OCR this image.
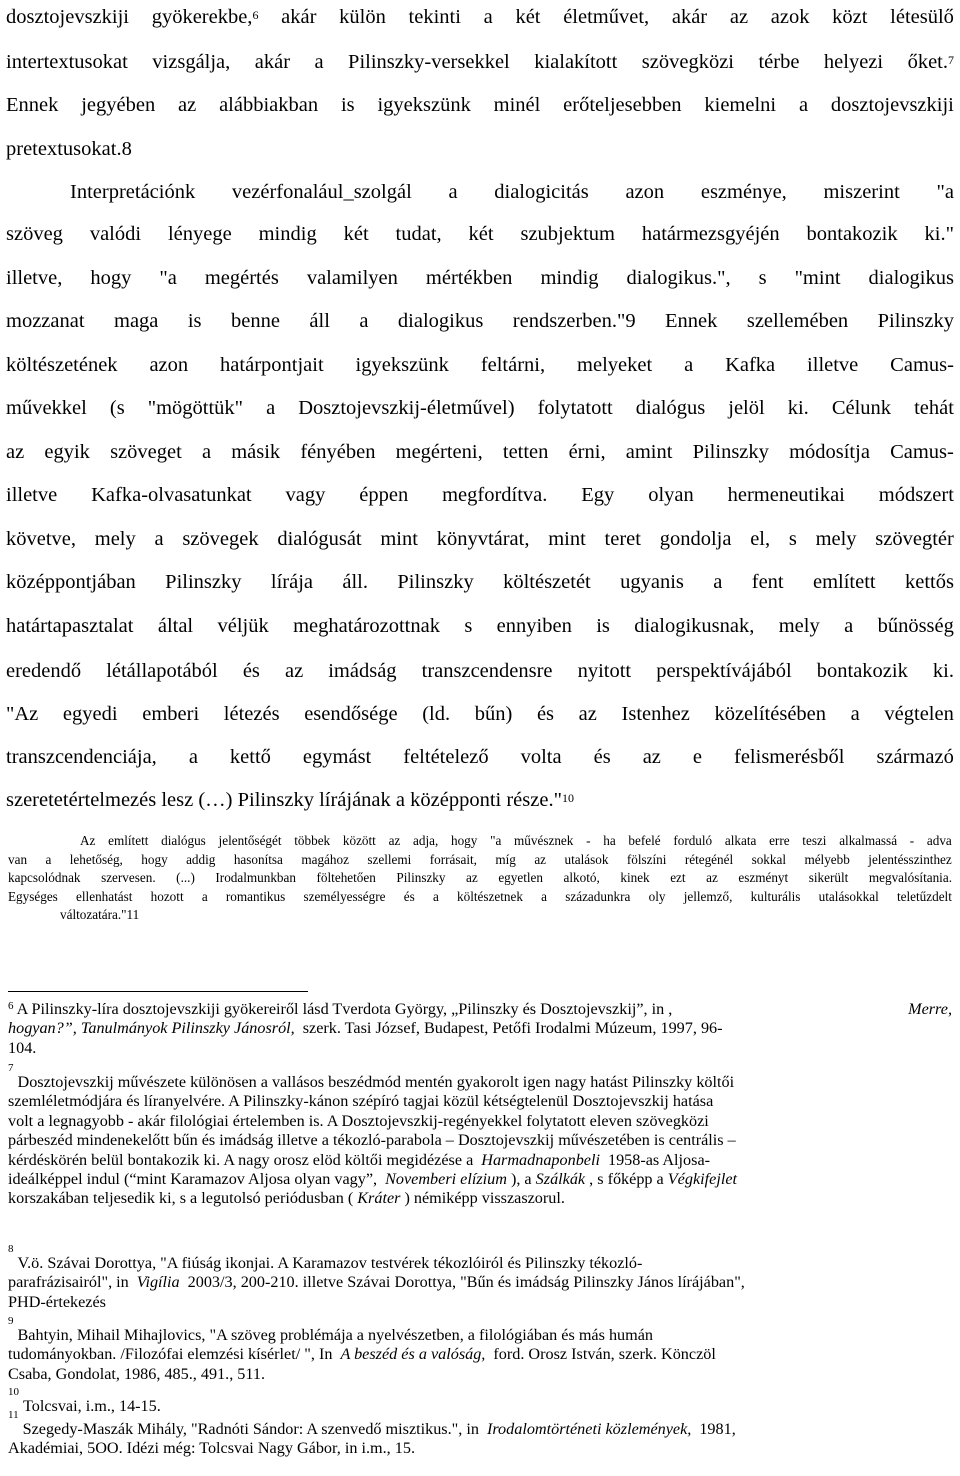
dosztojevszkiji gyökerekbe,$^6$ akár külön tekinti a két életművet, akár az azok közt létesülő
intertextusokat vizsgálja, akár a Pilinszky-versekkel kialakított szövegközi térbe helyezi őket.$^7$
Ennek jegyében az alábbiakban is igyekszünk minél erőteljesebben kiemelni a dosztojevszkiji
pretextusokat.8
Interpretációnk vezérfonalául_szolgál a dialogicitás azon eszménye, miszerint "a
szöveg valódi lényege mindig két tudat, két szubjektum határmezsgyéjén bontakozik ki."
illetve, hogy "a megértés valamilyen mértékben mindig dialogikus.", s "mint dialogikus
mozzanat maga is benne áll a dialogikus rendszerben."9 Ennek szellemében Pilinszky
költészetének azon határpontjait igyekszünk feltárni, melyeket a Kafka illetve Camus-
művekkel (s "mögöttük" a Dosztojevszkij-életművel) folytatott dialógus jelöl ki. Célunk tehát
az egyik szöveget a másik fényében megérteni, tetten érni, amint Pilinszky módosítja Camus-
illetve Kafka-olvasatunkat vagy éppen megfordítva. Egy olyan hermeneutikai módszert
követve, mely a szövegek dialógusát mint könyvtárat, mint teret gondolja el, s mely szövegtér
középpontjában Pilinszky lírája áll. Pilinszky költészetét ugyanis a fent említett kettős
határtapasztalat által véljük meghatározottnak s ennyiben is dialogikusnak, mely a bűnösség
eredendő létállapotából és az imádság transzcendensre nyitott perspektívájából bontakozik ki.
"Az egyedi emberi létezés esendősége (ld. bűn) és az Istenhez közelítésében a végtelen
transzcendenciája, a kettő egymást feltételező volta és az e felismerésből származó
szeretetértelmezés lesz (…) Pilinszky lírájának a középponti része."$^{10}$
Az említett dialógus jelentőségét többek között az adja, hogy "a művésznek - ha befelé forduló alkata erre teszi alkalmassá - adva
van a lehetőség, hogy addig hasonítsa magához szellemi forrásait, míg az utalások fölszíni rétegénél sokkal mélyebb jelentésszinthez
kapcsolódnak szervesen. (...) Irodalmunkban föltehetően Pilinszky az egyetlen alkotó, kinek ezt az eszményt sikerült megvalósítania.
Egységes ellenhatást hozott a romantikus személyességre és a költészetnek a századunkra oly jellemző, kulturális utalásokkal teletűzdelt
változatára."11
$^6$ A Pilinszky-líra dosztojevszkiji gyökereiről lásd Tverdota György, „Pilinszky és Dosztojevszkij”, in ,	Merre,
hogyan?”, Tanulmányok Pilinszky Jánosról, szerk. Tasi József, Budapest, Petőfi Irodalmi Múzeum, 1997, 96-
104.
$^7$
Dosztojevszkij művészete különösen a vallásos beszédmód mentén gyakorolt igen nagy hatást Pilinszky költői
szemléletmódjára és líranyelvére. A Pilinszky-kánon szépíró tagjai közül kétségtelenül Dosztojevszkij hatása
volt a legnagyobb - akár filológiai értelemben is. A Dosztojevszkij-regényekkel folytatott eleven szövegközi
párbeszéd mindenekelőtt bűn és imádság illetve a tékozló-parabola – Dosztojevszkij művészetében is centrális –
kérdéskörén belül bontakozik ki. A nagy orosz elöd költői megidézése a Harmadnaponbeli 1958-as Aljosa-
ideálképpel indul (“mint Karamazov Aljosa olyan vagy”,
Novemberi elízium ), a
Szálkák , s főképp a
Végkifejlet
korszakában teljesedik ki, s a legutolsó periódusban ( Kráter ) némiképp visszaszorul.
$^8$
V.ö. Szávai Dorottya, "A fiúság ikonjai. A Karamazov testvérek tékozlóiról és Pilinszky tékozló-
parafrázisairól", in Vigília 2003/3, 200-210. illetve Szávai Dorottya, "Bűn és imádság Pilinszky János lírájában",
PHD-értekezés
$^9$
Bahtyin, Mihail Mihajlovics, "A szöveg problémája a nyelvészetben, a filológiában és más humán
tudományokban. /Filozófai elemzési kísérlet/ ", In A beszéd és a valóság, ford. Orosz István, szerk. Könczöl
Csaba, Gondolat, 1986, 485., 491., 511.
$^{10}$
Tolcsvai, i.m., 14-15.
$^{11}$
Szegedy-Maszák Mihály, "Radnóti Sándor: A szenvedő misztikus.", in Irodalomtörténeti közlemények, 1981,
Akadémiai, 5OO. Idézi még: Tolcsvai Nagy Gábor, in i.m., 15.
